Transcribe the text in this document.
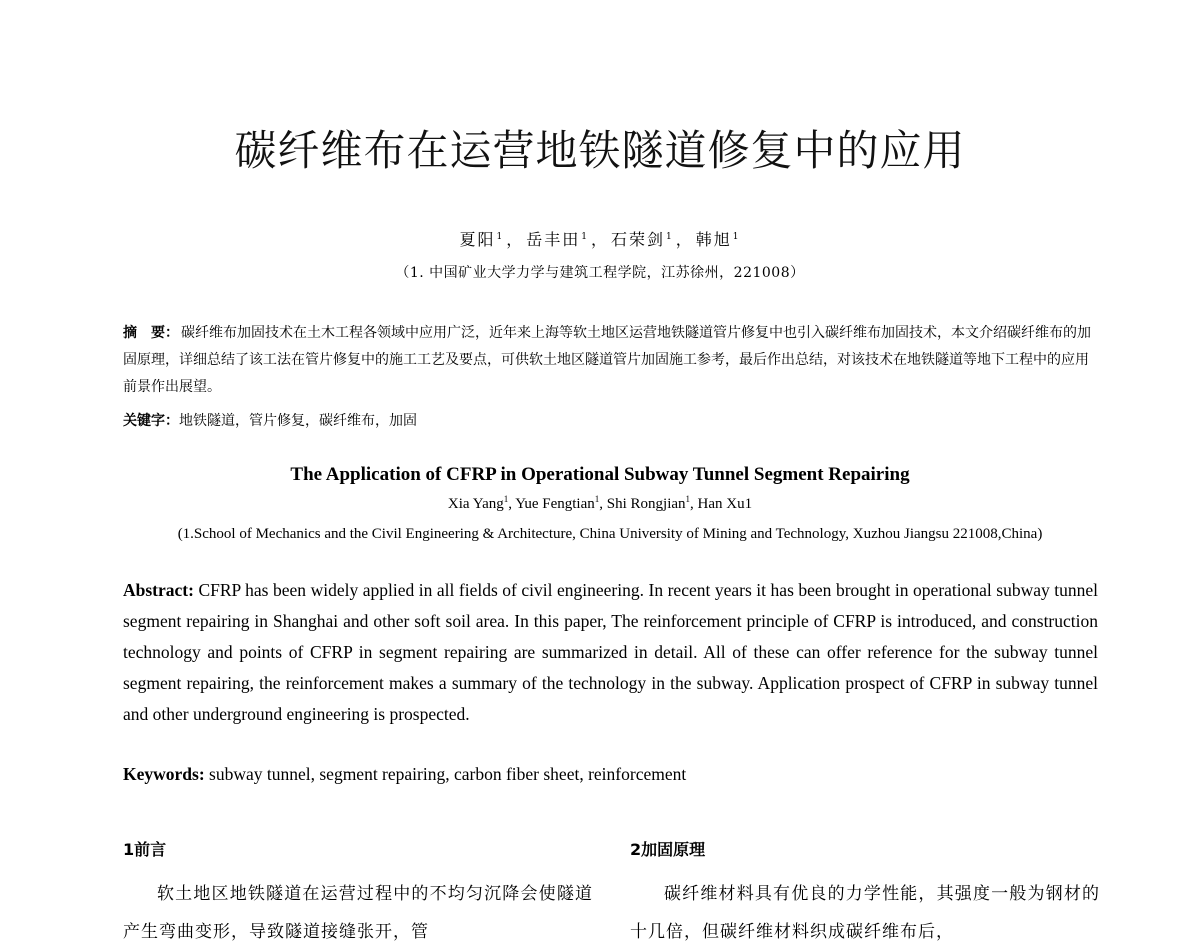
碳纤维布在运营地铁隧道修复中的应用
夏阳$^1$ ， 岳丰田$^1$ ， 石荣剑$^1$ ， 韩旭$^1$
（1. 中国矿业大学力学与建筑工程学院，江苏徐州，221008）
摘　要： 碳纤维布加固技术在土木工程各领域中应用广泛，近年来上海等软土地区运营地铁隧道管片修复中也引入碳纤维布加固技术，本文介绍碳纤维布的加固原理，详细总结了该工法在管片修复中的施工工艺及要点，可供软土地区隧道管片加固施工参考，最后作出总结，对该技术在地铁隧道等地下工程中的应用前景作出展望。
关键字：地铁隧道，管片修复，碳纤维布，加固
The Application of CFRP in Operational Subway Tunnel Segment Repairing
Xia Yang$^1$, Yue Fengtian$^1$, Shi Rongjian$^1$, Han Xu1
(1.School of Mechanics and the Civil Engineering & Architecture, China University of Mining and Technology, Xuzhou Jiangsu 221008,China)
Abstract: CFRP has been widely applied in all fields of civil engineering. In recent years it has been brought in operational subway tunnel segment repairing in Shanghai and other soft soil area. In this paper, The reinforcement principle of CFRP is introduced, and construction technology and points of CFRP in segment repairing are summarized in detail. All of these can offer reference for the subway tunnel segment repairing, the reinforcement makes a summary of the technology in the subway. Application prospect of CFRP in subway tunnel and other underground engineering is prospected.
Keywords: subway tunnel, segment repairing, carbon fiber sheet, reinforcement
1前言
软土地区地铁隧道在运营过程中的不均匀沉降会使隧道产生弯曲变形，导致隧道接缝张开，管
2加固原理
碳纤维材料具有优良的力学性能，其强度一般为钢材的十几倍，但碳纤维材料织成碳纤维布后，
